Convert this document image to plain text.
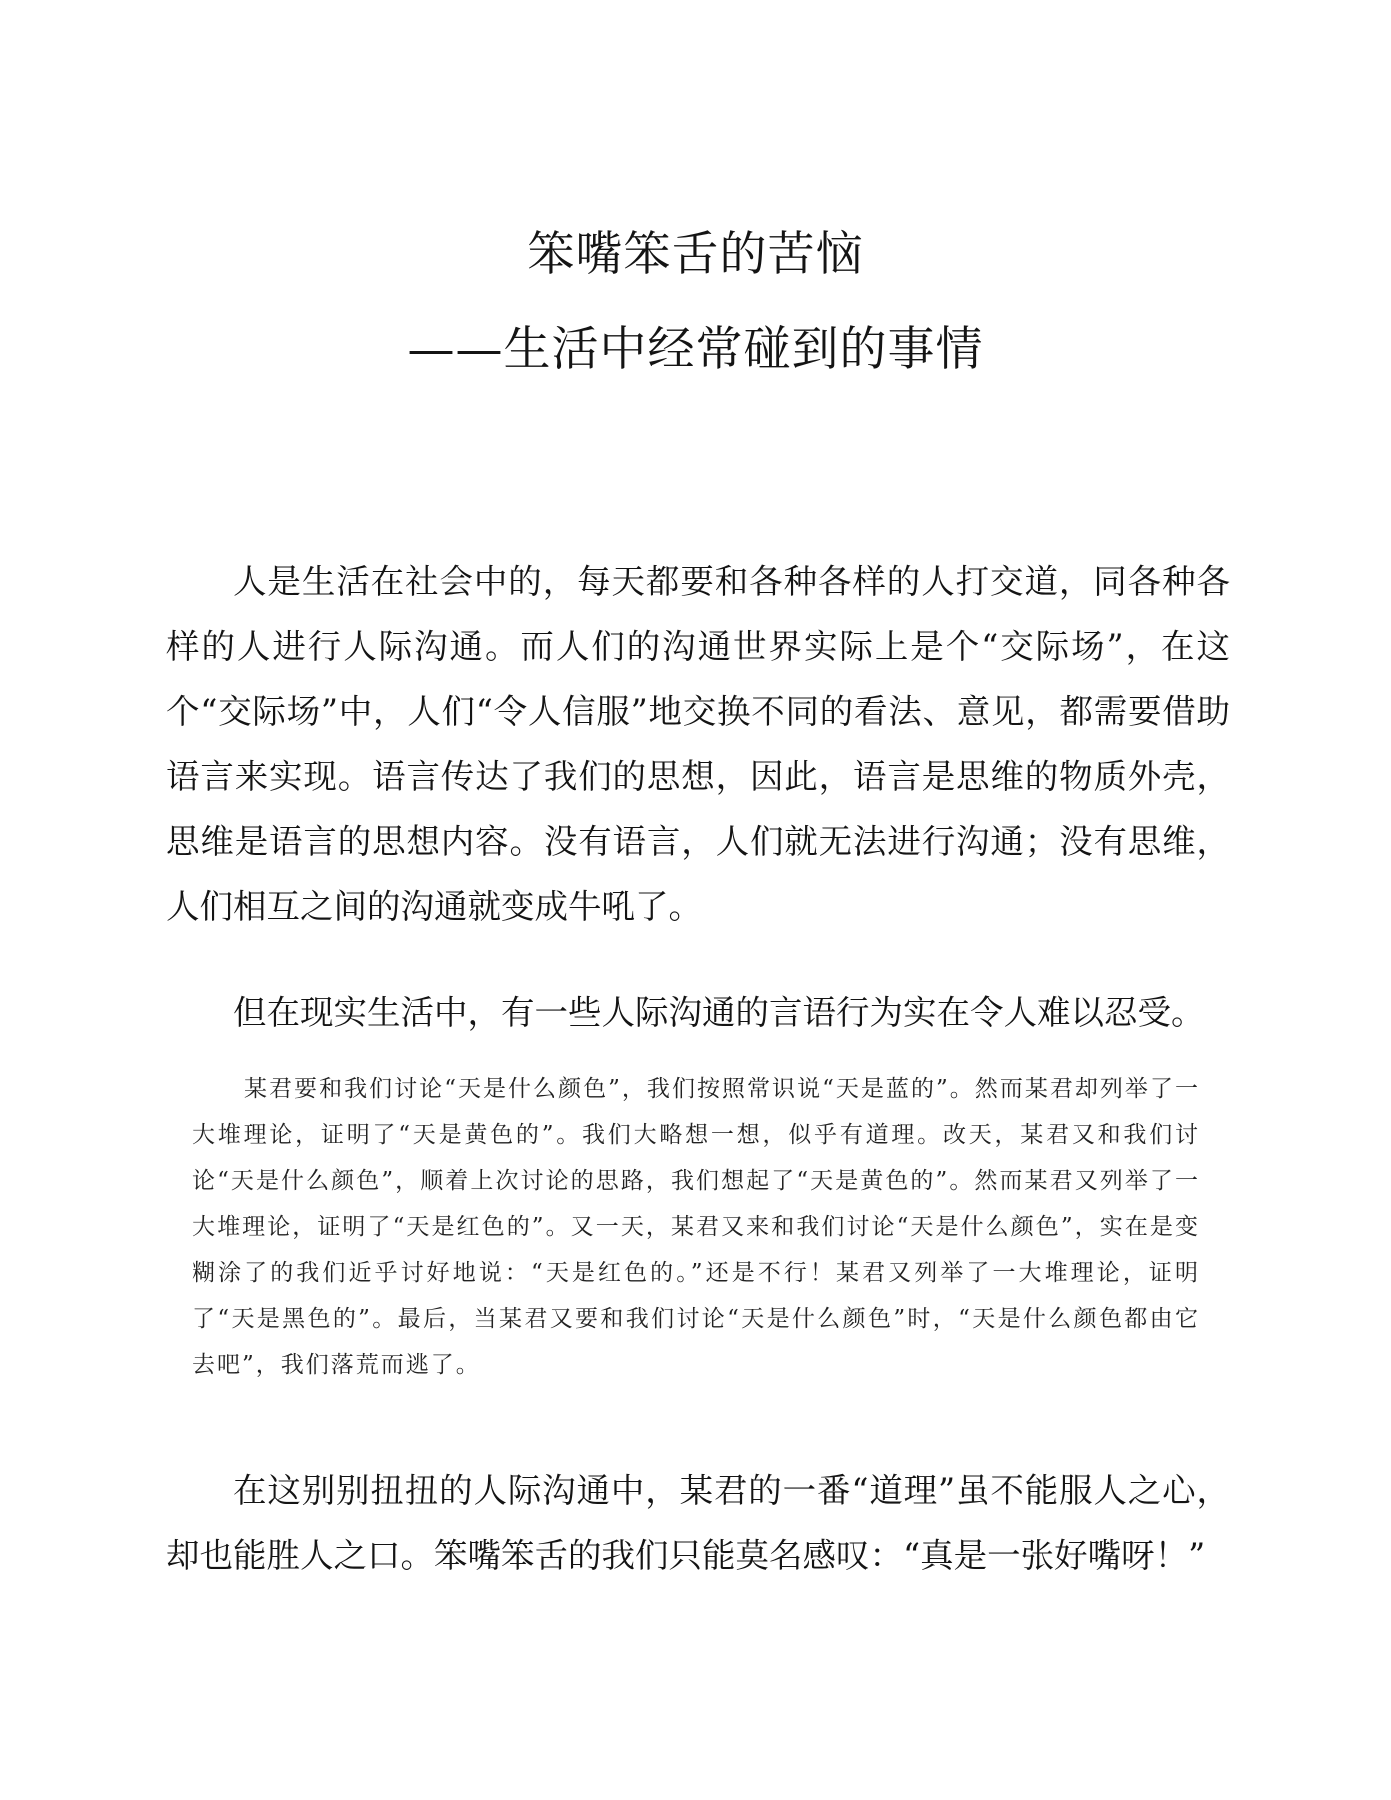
笨嘴笨舌的苦恼
——生活中经常碰到的事情

人是生活在社会中的，每天都要和各种各样的人打交道，同各种各样的人进行人际沟通。而人们的沟通世界实际上是个“交际场”，在这个“交际场”中，人们“令人信服”地交换不同的看法、意见，都需要借助语言来实现。语言传达了我们的思想，因此，语言是思维的物质外壳，思维是语言的思想内容。没有语言，人们就无法进行沟通；没有思维，人们相互之间的沟通就变成牛吼了。

但在现实生活中，有一些人际沟通的言语行为实在令人难以忍受。

某君要和我们讨论“天是什么颜色”，我们按照常识说“天是蓝的”。然而某君却列举了一大堆理论，证明了“天是黄色的”。我们大略想一想，似乎有道理。改天，某君又和我们讨论“天是什么颜色”，顺着上次讨论的思路，我们想起了“天是黄色的”。然而某君又列举了一大堆理论，证明了“天是红色的”。又一天，某君又来和我们讨论“天是什么颜色”，实在是变糊涂了的我们近乎讨好地说：“天是红色的。”还是不行！某君又列举了一大堆理论，证明了“天是黑色的”。最后，当某君又要和我们讨论“天是什么颜色”时，“天是什么颜色都由它去吧”，我们落荒而逃了。

在这别别扭扭的人际沟通中，某君的一番“道理”虽不能服人之心，却也能胜人之口。笨嘴笨舌的我们只能莫名感叹：“真是一张好嘴呀！”
